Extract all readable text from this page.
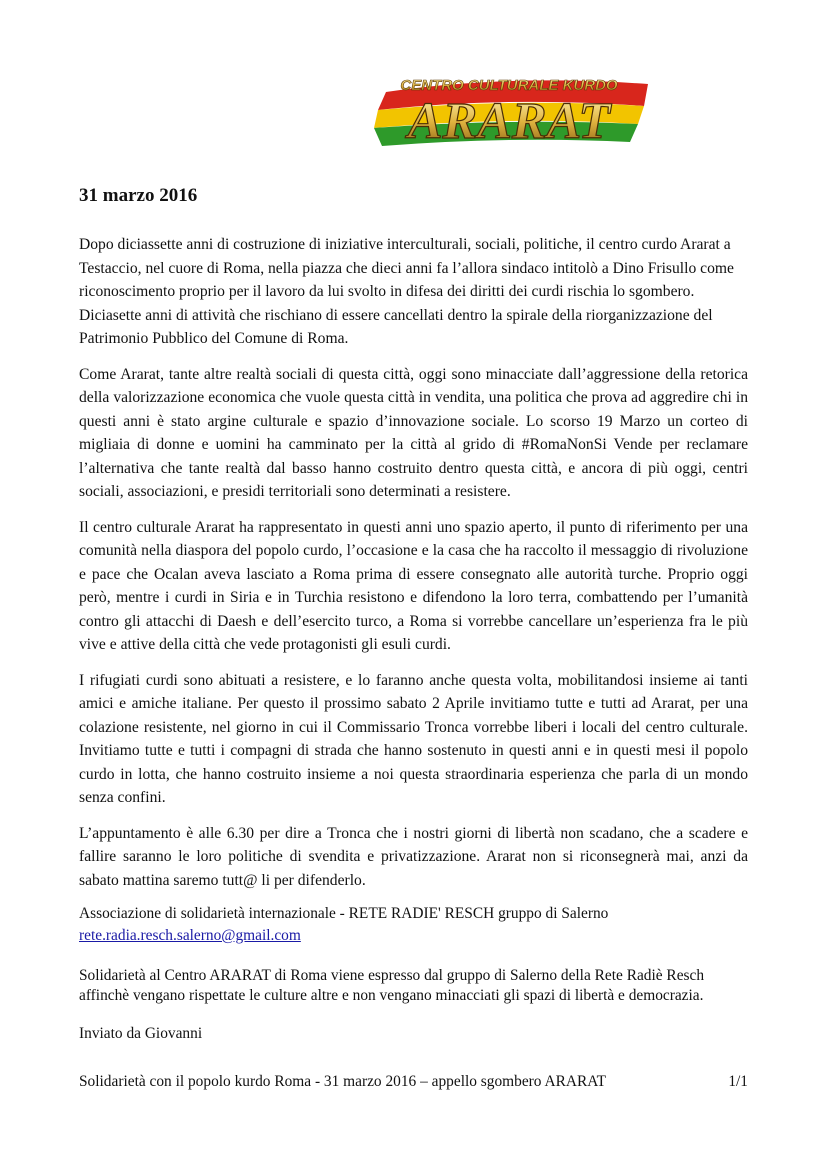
CENTRO CULTURALE KURDO
ARARAT
31 marzo 2016

Dopo diciassette anni di costruzione di iniziative interculturali, sociali, politiche, il centro curdo Ararat a Testaccio, nel cuore di Roma, nella piazza che dieci anni fa l’allora sindaco intitolò a Dino Frisullo come riconoscimento proprio per il lavoro da lui svolto in difesa dei diritti dei curdi rischia lo sgombero. Diciasette anni di attività che rischiano di essere cancellati dentro la spirale della riorganizzazione del Patrimonio Pubblico del Comune di Roma.

Come Ararat, tante altre realtà sociali di questa città, oggi sono minacciate dall’aggressione della retorica della valorizzazione economica che vuole questa città in vendita, una politica che prova ad aggredire chi in questi anni è stato argine culturale e spazio d’innovazione sociale. Lo scorso 19 Marzo un corteo di migliaia di donne e uomini ha camminato per la città al grido di #RomaNonSi Vende per reclamare l’alternativa che tante realtà dal basso hanno costruito dentro questa città, e ancora di più oggi, centri sociali, associazioni, e presidi territoriali sono determinati a resistere.

Il centro culturale Ararat ha rappresentato in questi anni uno spazio aperto, il punto di riferimento per una comunità nella diaspora del popolo curdo, l’occasione e la casa che ha raccolto il messaggio di rivoluzione e pace che Ocalan aveva lasciato a Roma prima di essere consegnato alle autorità turche. Proprio oggi però, mentre i curdi in Siria e in Turchia resistono e difendono la loro terra, combattendo per l’umanità contro gli attacchi di Daesh e dell’esercito turco, a Roma si vorrebbe cancellare un’esperienza fra le più vive e attive della città che vede protagonisti gli esuli curdi.

I rifugiati curdi sono abituati a resistere, e lo faranno anche questa volta, mobilitandosi insieme ai tanti amici e amiche italiane. Per questo il prossimo sabato 2 Aprile invitiamo tutte e tutti ad Ararat, per una colazione resistente, nel giorno in cui il Commissario Tronca vorrebbe liberi i locali del centro culturale. Invitiamo tutte e tutti i compagni di strada che hanno sostenuto in questi anni e in questi mesi il popolo curdo in lotta, che hanno costruito insieme a noi questa straordinaria esperienza che parla di un mondo senza confini.

L’appuntamento è alle 6.30 per dire a Tronca che i nostri giorni di libertà non scadano, che a scadere e fallire saranno le loro politiche di svendita e privatizzazione. Ararat non si riconsegnerà mai, anzi da sabato mattina saremo tutt@ li per difenderlo.

Associazione di solidarietà internazionale - RETE RADIE' RESCH gruppo di Salerno
rete.radia.resch.salerno@gmail.com
Solidarietà al Centro ARARAT di Roma viene espresso dal gruppo di Salerno della Rete Radiè Resch affinchè vengano rispettate le culture altre e non vengano minacciati gli spazi di libertà e democrazia.
Inviato da Giovanni
Solidarietà con il popolo kurdo Roma - 31 marzo 2016 – appello sgombero ARARAT	1/1
